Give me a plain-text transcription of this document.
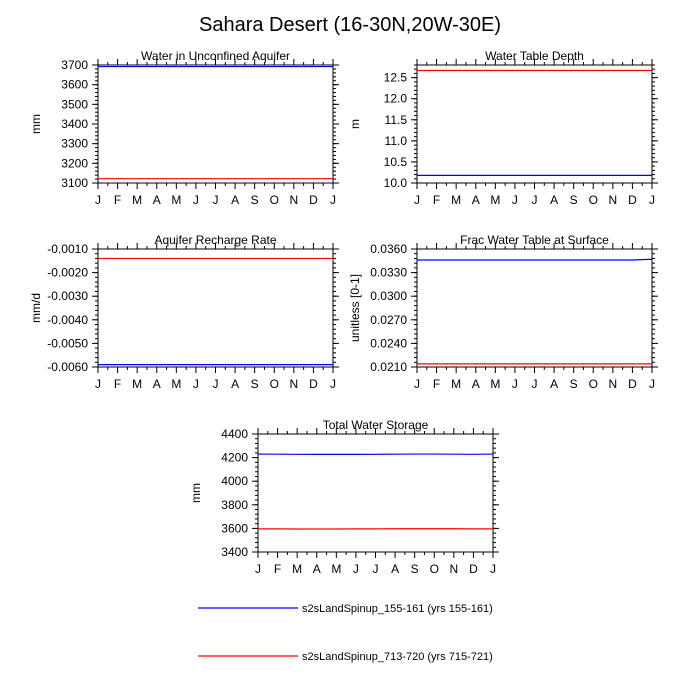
Sahara Desert (16-30N,20W-30E)
Water in Unconfined Aquifer
J F M A M J J A S O N D J
3100
3200
3300
3400
3500
3600
3700
mm
Water Table Depth
J F M A M J J A S O N D J
10.0
10.5
11.0
11.5
12.0
12.5
m
Aquifer Recharge Rate
J F M A M J J A S O N D J
-0.0060
-0.0050
-0.0040
-0.0030
-0.0020
-0.0010
mm/d
Frac Water Table at Surface
J F M A M J J A S O N D J
0.0210
0.0240
0.0270
0.0300
0.0330
0.0360
unitless [0-1]
Total Water Storage
J F M A M J J A S O N D J
3400
3600
3800
4000
4200
4400
mm
s2sLandSpinup_155-161 (yrs 155-161)
s2sLandSpinup_713-720 (yrs 715-721)
